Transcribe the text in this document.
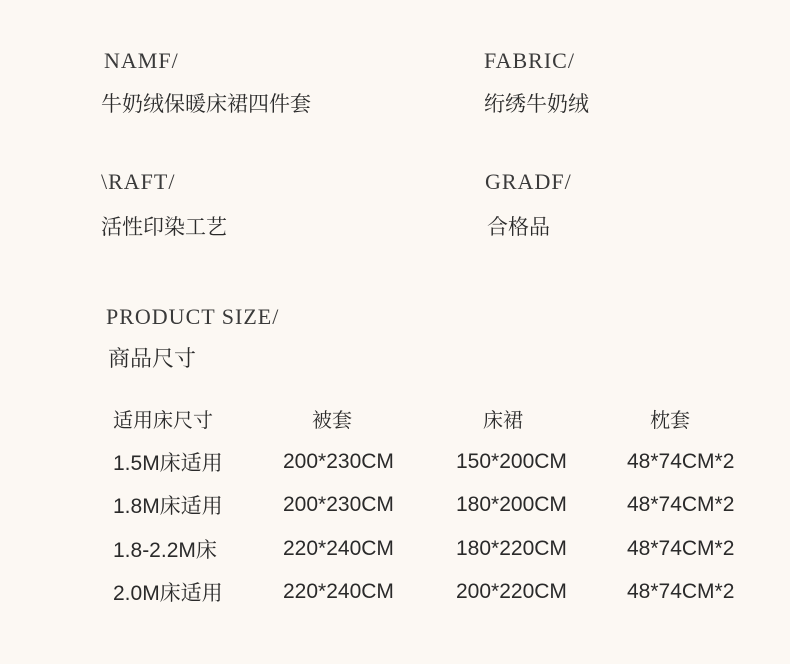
NAMF/
牛奶绒保暖床裙四件套
FABRIC/
绗绣牛奶绒
\RAFT/
活性印染工艺
GRADF/
合格品
PRODUCT SIZE/
商品尺寸
适用床尺寸	被套	床裙	枕套
1.5M床适用	200*230CM	150*200CM	48*74CM*2
1.8M床适用	200*230CM	180*200CM	48*74CM*2
1.8-2.2M床	220*240CM	180*220CM	48*74CM*2
2.0M床适用	220*240CM	200*220CM	48*74CM*2
